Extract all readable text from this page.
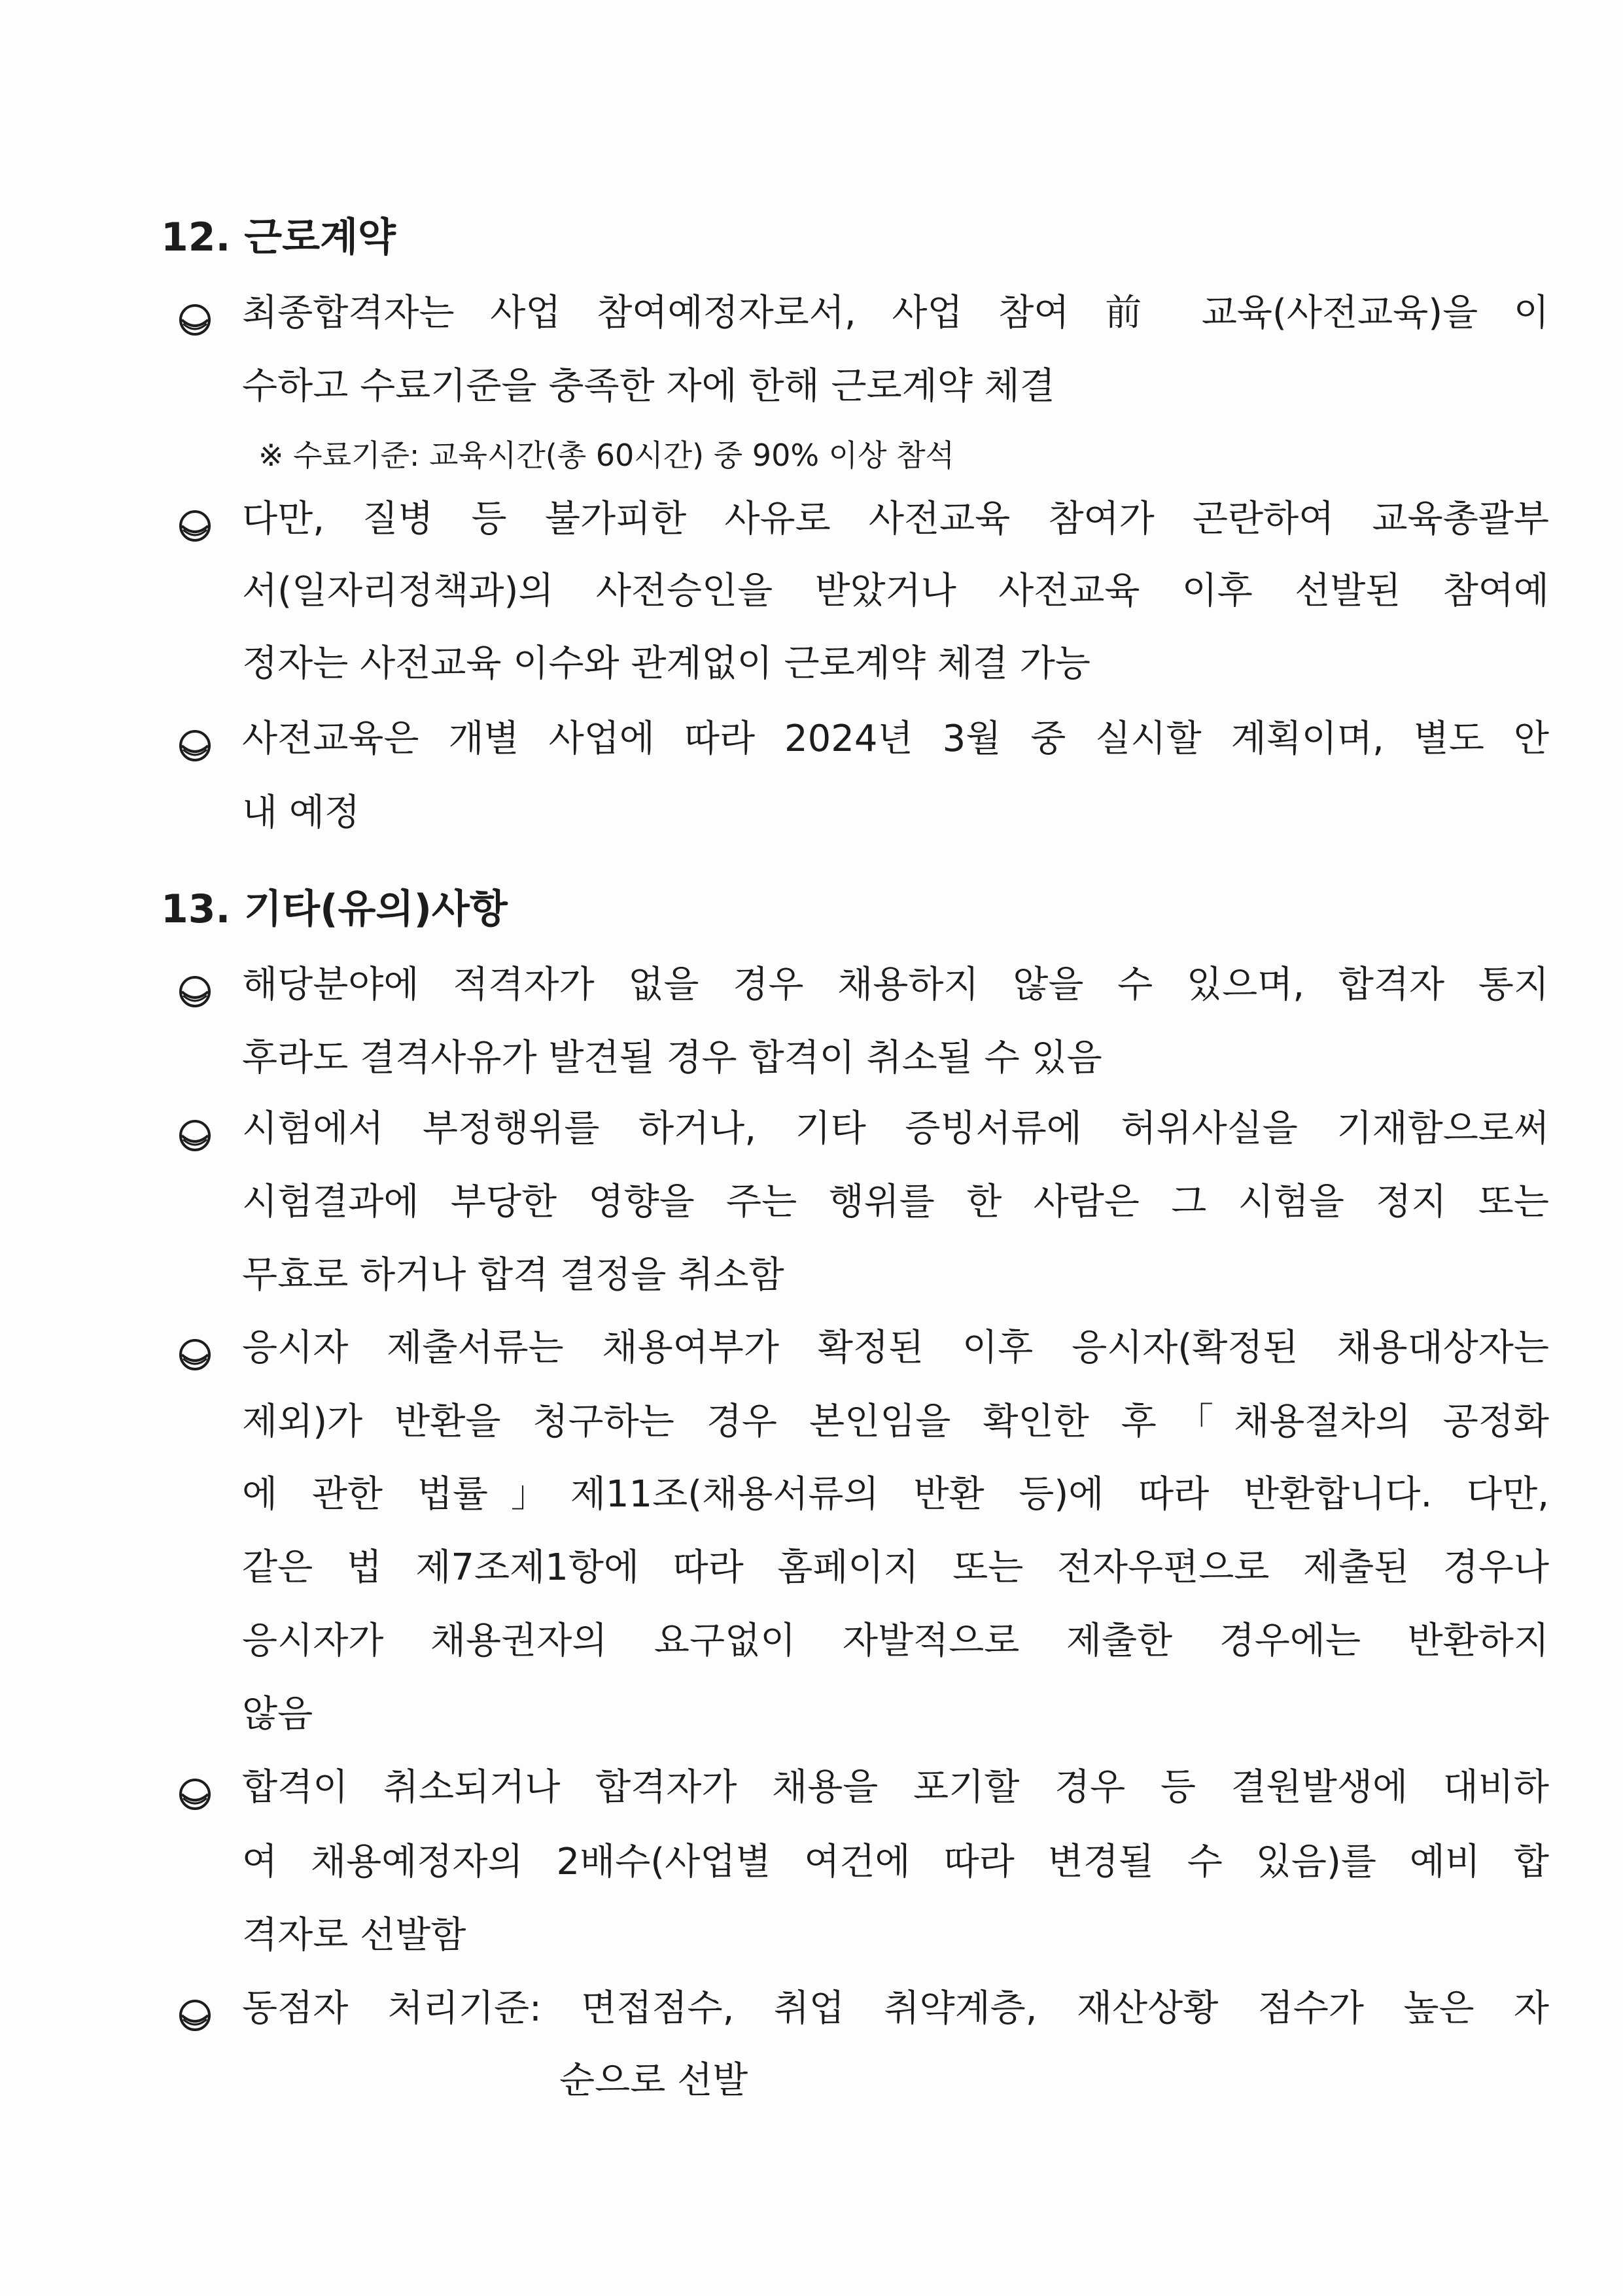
12. 근로계약
최종합격자는 사업 참여예정자로서, 사업 참여 前 교육(사전교육)을 이
수하고 수료기준을 충족한 자에 한해 근로계약 체결
※ 수료기준: 교육시간(총 60시간) 중 90% 이상 참석
다만, 질병 등 불가피한 사유로 사전교육 참여가 곤란하여 교육총괄부
서(일자리정책과)의 사전승인을 받았거나 사전교육 이후 선발된 참여예
정자는 사전교육 이수와 관계없이 근로계약 체결 가능
사전교육은 개별 사업에 따라 2024년 3월 중 실시할 계획이며, 별도 안
내 예정
13. 기타(유의)사항
해당분야에 적격자가 없을 경우 채용하지 않을 수 있으며, 합격자 통지
후라도 결격사유가 발견될 경우 합격이 취소될 수 있음
시험에서 부정행위를 하거나, 기타 증빙서류에 허위사실을 기재함으로써
시험결과에 부당한 영향을 주는 행위를 한 사람은 그 시험을 정지 또는
무효로 하거나 합격 결정을 취소함
응시자 제출서류는 채용여부가 확정된 이후 응시자(확정된 채용대상자는
제외)가 반환을 청구하는 경우 본인임을 확인한 후「채용절차의 공정화
에 관한 법률」제11조(채용서류의 반환 등)에 따라 반환합니다. 다만,
같은 법 제7조제1항에 따라 홈페이지 또는 전자우편으로 제출된 경우나
응시자가 채용권자의 요구없이 자발적으로 제출한 경우에는 반환하지
않음
합격이 취소되거나 합격자가 채용을 포기할 경우 등 결원발생에 대비하
여 채용예정자의 2배수(사업별 여건에 따라 변경될 수 있음)를 예비 합
격자로 선발함
동점자 처리기준: 면접점수, 취업 취약계층, 재산상황 점수가 높은 자
순으로 선발
